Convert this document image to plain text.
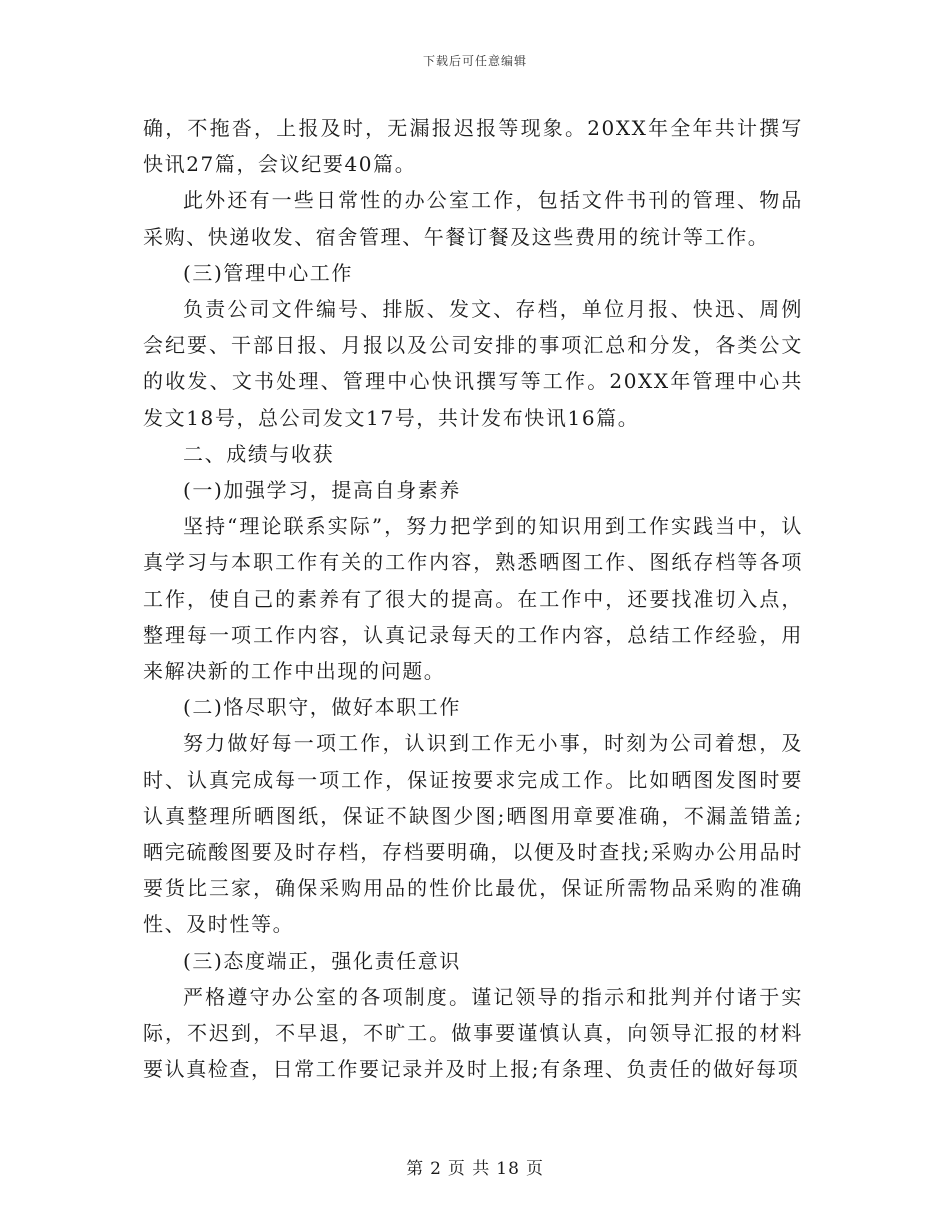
下载后可任意编辑

确，不拖沓，上报及时，无漏报迟报等现象。20XX年全年共计撰写快讯27篇，会议纪要40篇。

此外还有一些日常性的办公室工作，包括文件书刊的管理、物品采购、快递收发、宿舍管理、午餐订餐及这些费用的统计等工作。

(三)管理中心工作

负责公司文件编号、排版、发文、存档，单位月报、快迅、周例会纪要、干部日报、月报以及公司安排的事项汇总和分发，各类公文的收发、文书处理、管理中心快讯撰写等工作。20XX年管理中心共发文18号，总公司发文17号，共计发布快讯16篇。

二、成绩与收获

(一)加强学习，提高自身素养

坚持“理论联系实际”，努力把学到的知识用到工作实践当中，认真学习与本职工作有关的工作内容，熟悉晒图工作、图纸存档等各项工作，使自己的素养有了很大的提高。在工作中，还要找准切入点，整理每一项工作内容，认真记录每天的工作内容，总结工作经验，用来解决新的工作中出现的问题。

(二)恪尽职守，做好本职工作

努力做好每一项工作，认识到工作无小事，时刻为公司着想，及时、认真完成每一项工作，保证按要求完成工作。比如晒图发图时要认真整理所晒图纸，保证不缺图少图;晒图用章要准确，不漏盖错盖;晒完硫酸图要及时存档，存档要明确，以便及时查找;采购办公用品时要货比三家，确保采购用品的性价比最优，保证所需物品采购的准确性、及时性等。

(三)态度端正，强化责任意识

严格遵守办公室的各项制度。谨记领导的指示和批判并付诸于实际，不迟到，不早退，不旷工。做事要谨慎认真，向领导汇报的材料要认真检查，日常工作要记录并及时上报;有条理、负责任的做好每项

第 2 页 共 18 页
